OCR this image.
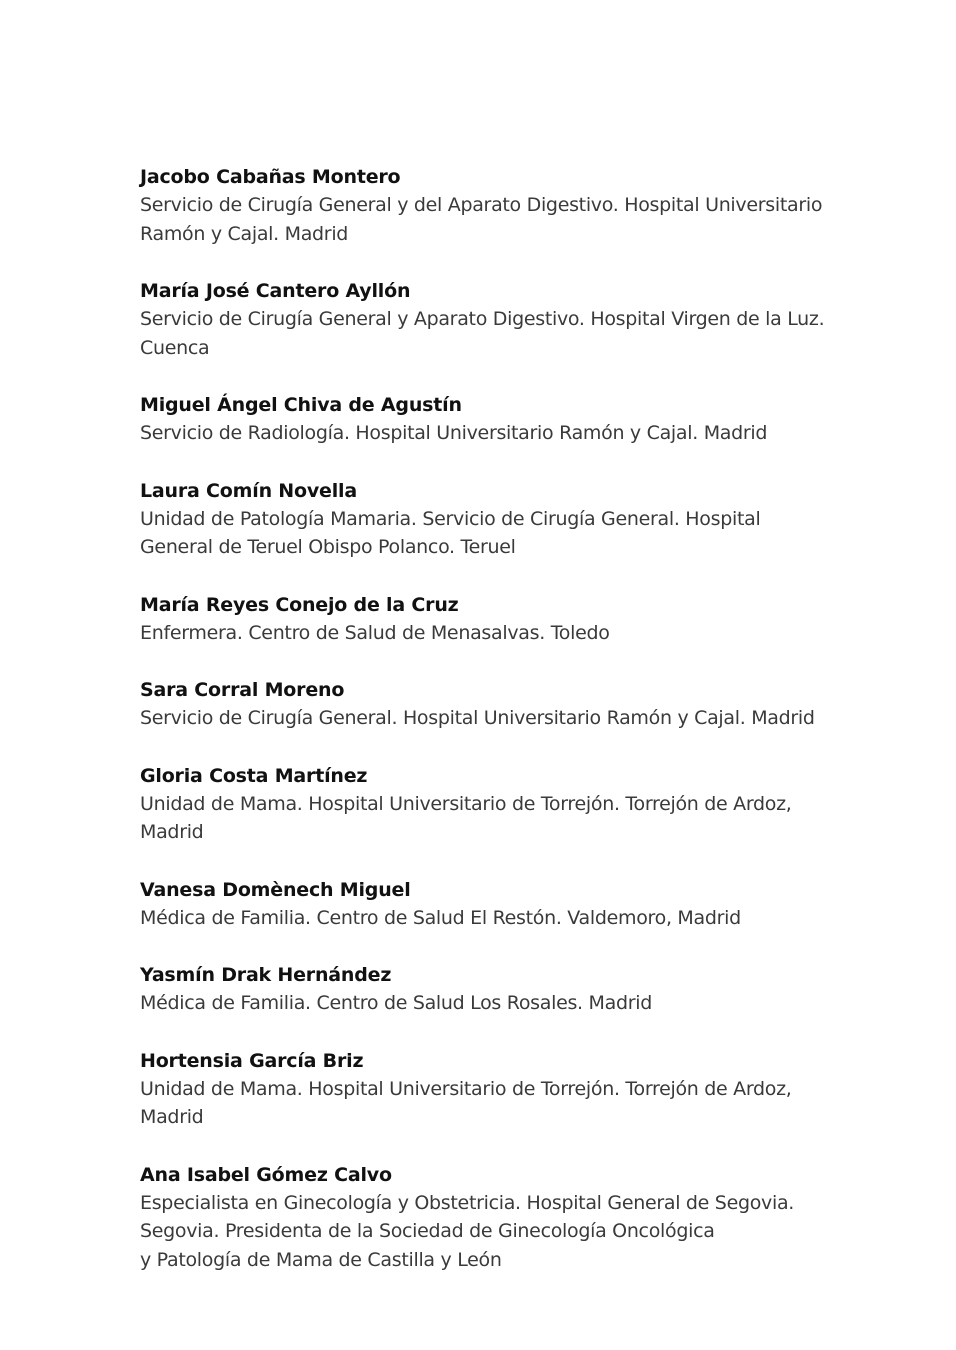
Jacobo Cabañas Montero
Servicio de Cirugía General y del Aparato Digestivo. Hospital Universitario
Ramón y Cajal. Madrid
María José Cantero Ayllón
Servicio de Cirugía General y Aparato Digestivo. Hospital Virgen de la Luz.
Cuenca
Miguel Ángel Chiva de Agustín
Servicio de Radiología. Hospital Universitario Ramón y Cajal. Madrid
Laura Comín Novella
Unidad de Patología Mamaria. Servicio de Cirugía General. Hospital
General de Teruel Obispo Polanco. Teruel
María Reyes Conejo de la Cruz
Enfermera. Centro de Salud de Menasalvas. Toledo
Sara Corral Moreno
Servicio de Cirugía General. Hospital Universitario Ramón y Cajal. Madrid
Gloria Costa Martínez
Unidad de Mama. Hospital Universitario de Torrejón. Torrejón de Ardoz,
Madrid
Vanesa Domènech Miguel
Médica de Familia. Centro de Salud El Restón. Valdemoro, Madrid
Yasmín Drak Hernández
Médica de Familia. Centro de Salud Los Rosales. Madrid
Hortensia García Briz
Unidad de Mama. Hospital Universitario de Torrejón. Torrejón de Ardoz,
Madrid
Ana Isabel Gómez Calvo
Especialista en Ginecología y Obstetricia. Hospital General de Segovia.
Segovia. Presidenta de la Sociedad de Ginecología Oncológica
y Patología de Mama de Castilla y León
